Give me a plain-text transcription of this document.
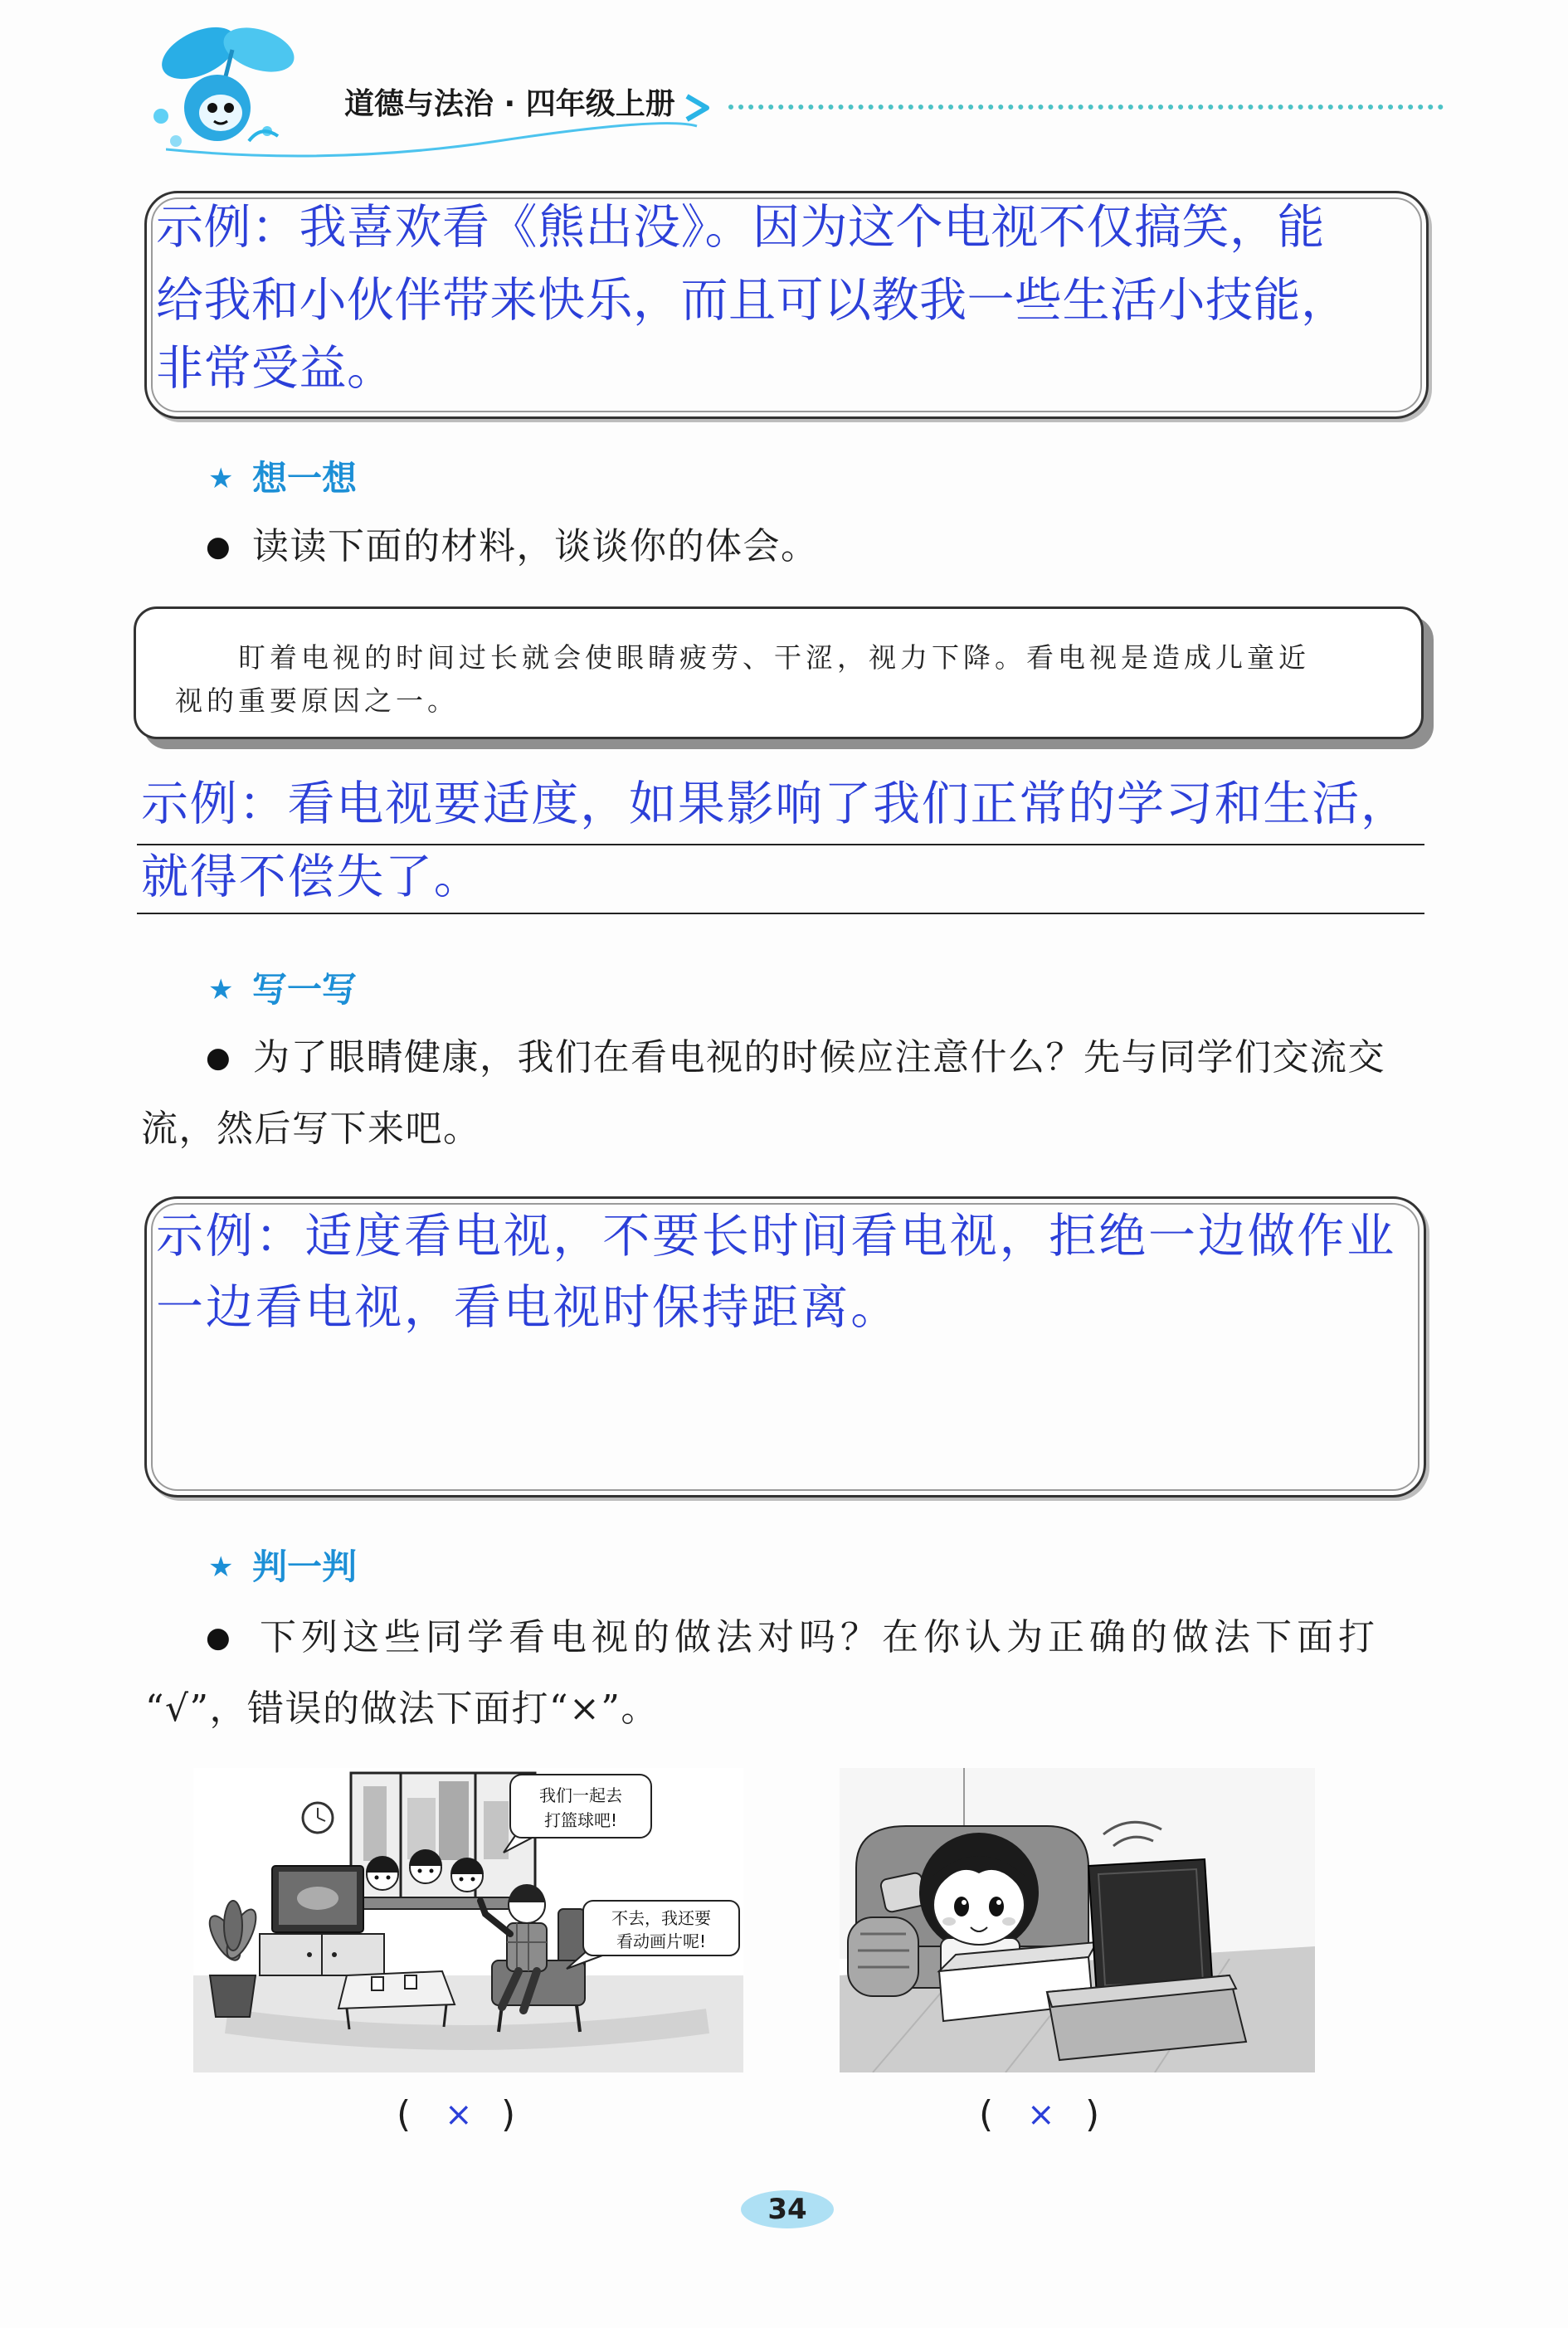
道德与法治 · 四年级上册
示例：我喜欢看《熊出没》。因为这个电视不仅搞笑，能
给我和小伙伴带来快乐，而且可以教我一些生活小技能，
非常受益。
★ 想一想
● 读读下面的材料，谈谈你的体会。
盯着电视的时间过长就会使眼睛疲劳、干涩，视力下降。看电视是造成儿童近
视的重要原因之一。
示例：看电视要适度，如果影响了我们正常的学习和生活，
就得不偿失了。
★ 写一写
● 为了眼睛健康，我们在看电视的时候应注意什么？先与同学们交流交
流，然后写下来吧。
示例：适度看电视，不要长时间看电视，拒绝一边做作业
一边看电视，看电视时保持距离。
★ 判一判
● 下列这些同学看电视的做法对吗？在你认为正确的做法下面打
“√”，错误的做法下面打“×”。
我们一起去
打篮球吧!
不去，我还要
看动画片呢!
( × )	( × )
34
